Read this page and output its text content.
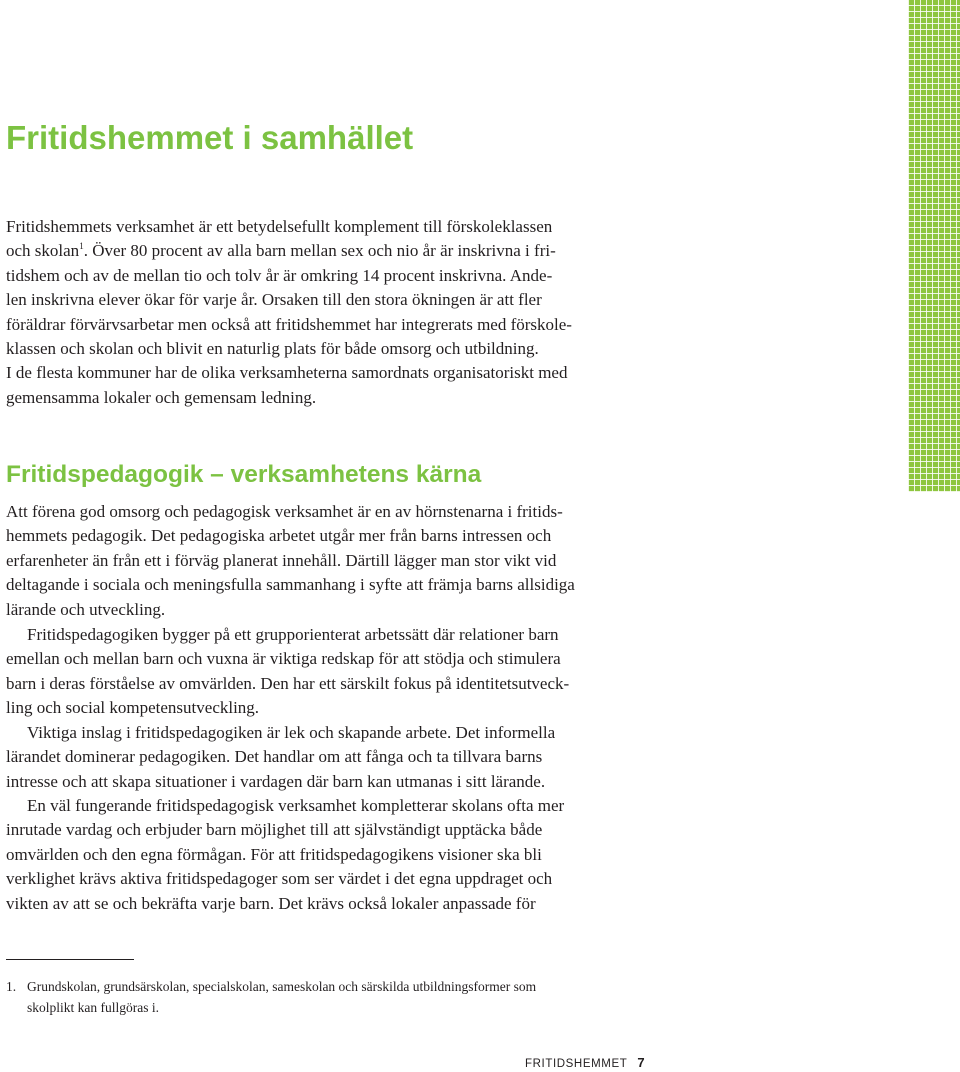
Fritidshemmet i samhället

Fritidshemmets verksamhet är ett betydelsefullt komplement till förskoleklassen
och skolan$^1$. Över 80 procent av alla barn mellan sex och nio år är inskrivna i fri-
tidshem och av de mellan tio och tolv år är omkring 14 procent inskrivna. Ande-
len inskrivna elever ökar för varje år. Orsaken till den stora ökningen är att fler
föräldrar förvärvsarbetar men också att fritidshemmet har integrerats med förskole-
klassen och skolan och blivit en naturlig plats för både omsorg och utbildning.
I de flesta kommuner har de olika verksamheterna samordnats organisatoriskt med
gemensamma lokaler och gemensam ledning.

Fritidspedagogik – verksamhetens kärna

Att förena god omsorg och pedagogisk verksamhet är en av hörnstenarna i fritids-
hemmets pedagogik. Det pedagogiska arbetet utgår mer från barns intressen och
erfarenheter än från ett i förväg planerat innehåll. Därtill lägger man stor vikt vid
deltagande i sociala och meningsfulla sammanhang i syfte att främja barns allsidiga
lärande och utveckling.

Fritidspedagogiken bygger på ett grupporienterat arbetssätt där relationer barn
emellan och mellan barn och vuxna är viktiga redskap för att stödja och stimulera
barn i deras förståelse av omvärlden. Den har ett särskilt fokus på identitetsutveck-
ling och social kompetensutveckling.

Viktiga inslag i fritidspedagogiken är lek och skapande arbete. Det informella
lärandet dominerar pedagogiken. Det handlar om att fånga och ta tillvara barns
intresse och att skapa situationer i vardagen där barn kan utmanas i sitt lärande.

En väl fungerande fritidspedagogisk verksamhet kompletterar skolans ofta mer
inrutade vardag och erbjuder barn möjlighet till att självständigt upptäcka både
omvärlden och den egna förmågan. För att fritidspedagogikens visioner ska bli
verklighet krävs aktiva fritidspedagoger som ser värdet i det egna uppdraget och
vikten av att se och bekräfta varje barn. Det krävs också lokaler anpassade för

1. Grundskolan, grundsärskolan, specialskolan, sameskolan och särskilda utbildningsformer som
skolplikt kan fullgöras i.

FRITIDSHEMMET 7
